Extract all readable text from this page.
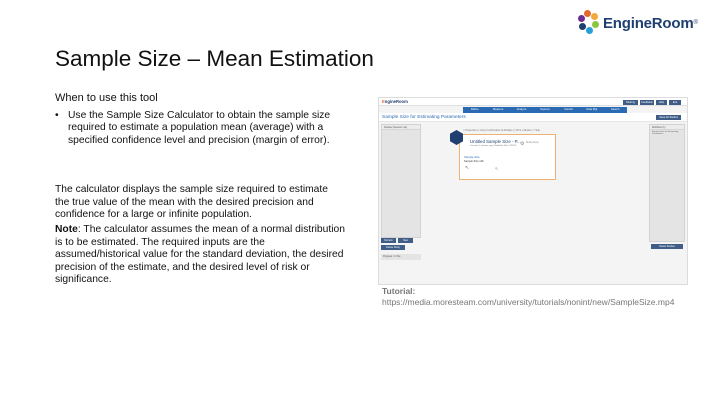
EngineRoom ®
Sample Size – Mean Estimation
When to use this tool
• Use the Sample Size Calculator to obtain the sample size required to estimate a population mean (average) with a specified confidence level and precision (margin of error).
The calculator displays the sample size required to estimate the true value of the mean with the desired precision and confidence for a large or infinite population.
Note: The calculator assumes the mean of a normal distribution is to be estimated. The required inputs are the assumed/historical value for the standard deviation, the desired precision of the estimate, and the desired level of risk or significance.
EngineRoom	Sharing	Feedback	Help	Exit
Define	Measure	Analyze	Improve	Control	Data Mgt	Search
Sample Size for Estimating Parameters	Save All Studies
Studies (Session List)
Refresh	New
Delete Study
Progress: 1 / File
Workflow (1)
Sample Size for Estimating Parameters
Delete Studies
□ Properties ⎘ Copy Confirmation ▣ Multiple ⎙ Print ⊞ Model ⓘ Help
Untitled Sample Size - P...
Created: 1 minutes ago | Modified: Mar 17/2015 ⚙ Study Setup
Sample Size
Sample Size 146
↖	↖
Tutorial:
https://media.moresteam.com/university/tutorials/nonint/new/SampleSize.mp4
